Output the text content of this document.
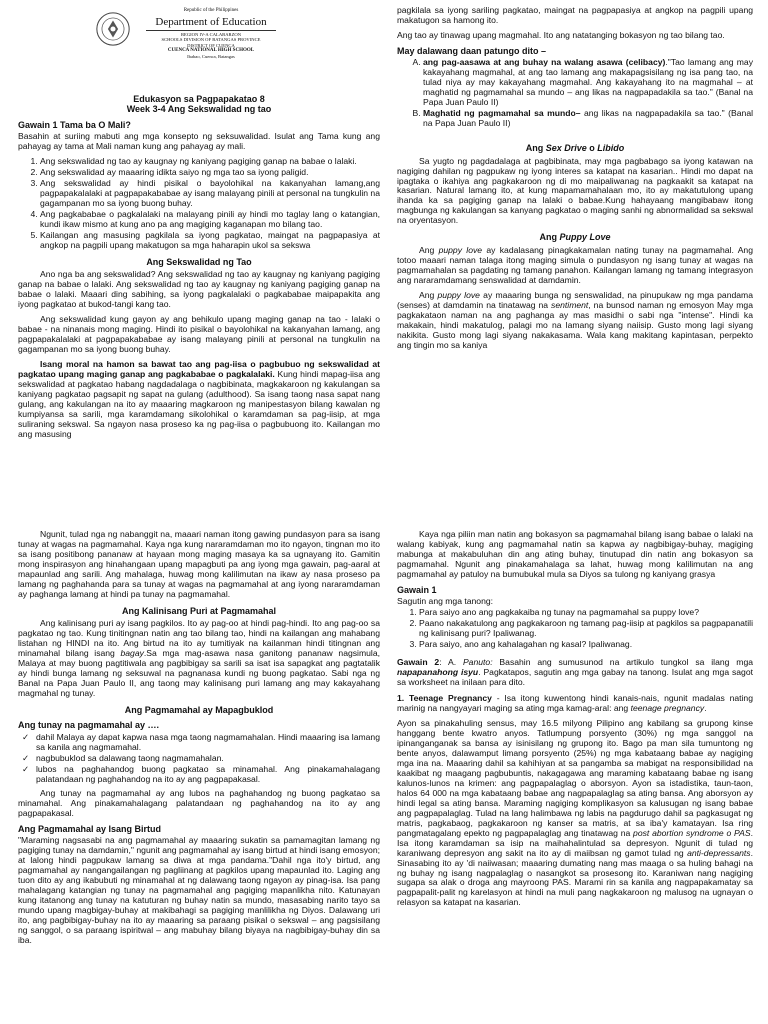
Republic of the Philippines
Department of Education
REGION IV-A CALABARZON
SCHOOLS DIVISION OF BATANGAS PROVINCE
DISTRICT OF CUENCA
CUENCA NATIONAL HIGH SCHOOL
Ibabao, Cuenca, Batangas
Edukasyon sa Pagpapakatao 8
Week 3-4 Ang Sekswalidad ng tao
Gawain 1 Tama ba O Mali?

Basahin at suriing mabuti ang mga konsepto ng seksuwalidad. Isulat ang Tama kung ang pahayag ay tama at Mali naman kung ang pahayag ay mali.

1. Ang sekswalidad ng tao ay kaugnay ng kaniyang pagiging ganap na babae o lalaki.
2. Ang sekswalidad ay maaaring idikta saiyo ng mga tao sa iyong paligid.
3. Ang sekswalidad ay hindi pisikal o bayolohikal na kakanyahan lamang,ang pagpapakalalaki at pagpapakababae ay isang malayang pinili at personal na tungkulin na gagampanan mo sa iyong buong buhay.
4. Ang pagkababae o pagkalalaki na malayang pinili ay hindi mo taglay lang o katangian, kundi ikaw mismo at kung ano pa ang magiging kaganapan mo bilang tao.
5. Kailangan ang masusing pagkilala sa iyong pagkatao, maingat na pagpapasiya at angkop na pagpili upang makatugon sa mga haharapin ukol sa sekswa
Ang Sekswalidad ng Tao

Ano nga ba ang sekswalidad? Ang sekswalidad ng tao ay kaugnay ng kaniyang pagiging ganap na babae o lalaki. Ang sekswalidad ng tao ay kaugnay ng kaniyang pagiging ganap na babae o lalaki. Maaari ding sabihing, sa iyong pagkalalaki o pagkababae maipapakita ang iyong pagkatao at bukod-tangi kang tao.

Ang sekswalidad kung gayon ay ang behikulo upang maging ganap na tao - lalaki o babae - na ninanais mong maging. Hindi ito pisikal o bayolohikal na kakanyahan lamang, ang pagpapakalalaki at pagpapakababae ay isang malayang pinili at personal na tungkulin na gagampanan mo sa iyong buong buhay.

Isang moral na hamon sa bawat tao ang pag-iisa o pagbubuo ng sekswalidad at pagkatao upang maging ganap ang pagkababae o pagkalalaki. Kung hindi mapag-iisa ang sekswalidad at pagkatao habang nagdadalaga o nagbibinata, magkakaroon ng kakulangan sa kaniyang pagkatao pagsapit ng sapat na gulang (adulthood). Sa isang taong nasa sapat nang gulang, ang kakulangan na ito ay maaaring magkaroon ng manipestasyon bilang kawalan ng kumpiyansa sa sarili, mga karamdamang sikolohikal o karamdaman sa pag-iisip, at mga suliraning sekswal. Sa ngayon nasa proseso ka ng pag-iisa o pagbubuong ito. Kailangan mo ang masusing

pagkilala sa iyong sariling pagkatao, maingat na pagpapasiya at angkop na pagpili upang makatugon sa hamong ito.

Ang tao ay tinawag upang magmahal. Ito ang natatanging bokasyon ng tao bilang tao.

May dalawang daan patungo dito –
A. ang pag-aasawa at ang buhay na walang asawa (celibacy)."Tao lamang ang may kakayahang magmahal, at ang tao lamang ang makapagsisilang ng isa pang tao, na tulad niya ay may kakayahang magmahal. Ang kakayahang ito na magmahal – at maghatid ng pagmamahal sa mundo – ang likas na nagpapadakila sa tao." (Banal na Papa Juan Paulo II)
B. Maghatid ng pagmamahal sa mundo– ang likas na nagpapadakila sa tao." (Banal na Papa Juan Paulo II)
Ang Sex Drive o Libido

Sa yugto ng pagdadalaga at pagbibinata, may mga pagbabago sa iyong katawan na nagiging dahilan ng pagpukaw ng iyong interes sa katapat na kasarian.. Hindi mo dapat na ipagtaka o ikahiya ang pagkakaroon ng di mo maipaliwanag na pagkaakit sa katapat na kasarian. Natural lamang ito, at kung mapamamahalaan mo, ito ay makatutulong upang ihanda ka sa pagiging ganap na lalaki o babae.Kung hahayaang mangibabaw itong magbunga ng kakulangan sa kanyang pagkatao o maging sanhi ng abnormalidad sa sekswal na oryentasyon.

Ang Puppy Love

Ang puppy love ay kadalasang pinagkakamalan nating tunay na pagmamahal. Ang totoo maaari naman talaga itong maging simula o pundasyon ng isang tunay at wagas na pagmamahalan sa pagdating ng tamang panahon. Kailangan lamang ng tamang integrasyon ang nararamdamang senswalidad at damdamin.

Ang puppy love ay maaaring bunga ng senswalidad, na pinupukaw ng mga pandama (senses) at damdamin na tinatawag na sentiment, na bunsod naman ng emosyon May mga pagkakataon naman na ang paghanga ay mas masidhi o sabi nga "intense". Hindi ka makakain, hindi makatulog, palagi mo na lamang siyang naiisip. Gusto mong lagi siyang nakikita. Gusto mong lagi siyang nakakasama. Wala kang makitang kapintasan, perpekto ang tingin mo sa kaniya

Ngunit, tulad nga ng nabanggit na, maaari naman itong gawing pundasyon para sa isang tunay at wagas na pagmamahal. Kaya nga kung nararamdaman mo ito ngayon, tingnan mo ito sa isang positibong pananaw at hayaan mong maging masaya ka sa ugnayang ito. Gamitin mong inspirasyon ang hinahangaan upang mapagbuti pa ang iyong mga gawain, pag-aaral at mapaunlad ang sarili. Ang mahalaga, huwag mong kalilimutan na ikaw ay nasa proseso pa lamang ng paghahanda para sa tunay at wagas na pagmamahal at ang iyong nararamdaman ay paghanga lamang at hindi pa tunay na pagmamahal.

Ang Kalinisang Puri at Pagmamahal

Ang kalinisang puri ay isang pagkilos. Ito ay pag-oo at hindi pag-hindi. Ito ang pag-oo sa pagkatao ng tao. Kung tinitingnan natin ang tao bilang tao, hindi na kailangan ang mahabang listahan ng HINDI na ito. Ang birtud na ito ay tumitiyak na kailanman hindi titingnan ang minamahal bilang isang bagay.Sa mga mag-asawa nasa ganitong pananaw nagsimula, Malaya at may buong pagtitiwala ang pagbibigay sa sarili sa isat isa sapagkat ang pagtatalik ay hindi bunga lamang ng seksuwal na pagnanasa kundi ng buong pagkatao. Sabi nga ng Banal na Papa Juan Paulo II, ang taong may kalinisang puri lamang ang may kakayahang magmahal ng tunay.

Ang Pagmamahal ay Mapagbuklod
Ang tunay na pagmamahal ay ….
✓ dahil Malaya ay dapat kapwa nasa mga taong nagmamahalan. Hindi maaaring isa lamang sa kanila ang nagmamahal.
✓ nagbubuklod sa dalawang taong nagmamahalan.
✓ lubos na paghahandog buong pagkatao sa minamahal. Ang pinakamahalagang palatandaan ng paghahandog na ito ay ang pagpapakasal.

Ang tunay na pagmamahal ay ang lubos na paghahandog ng buong pagkatao sa minamahal. Ang pinakamahalagang palatandaan ng paghahandog na ito ay ang pagpapakasal.

Ang Pagmamahal ay Isang Birtud

"Maraming nagsasabi na ang pagmamahal ay maaaring sukatin sa pamamagitan lamang ng pagiging tunay na damdamin," ngunit ang pagmamahal ay isang birtud at hindi isang emosyon; at lalong hindi pagpukaw lamang sa diwa at mga pandama."Dahil nga ito'y birtud, ang pagmamahal ay nangangailangan ng pagliinang at pagkilos upang mapaunlad ito. Laging ang tuon dito ay ang ikabubuti ng minamahal at ng dalawang taong ngayon ay pinag-isa. Isa pang mahalagang katangian ng tunay na pagmamahal ang pagiging mapanlikha nito. Katunayan kung itatanong ang tunay na katuturan ng buhay natin sa mundo, masasabing narito tayo sa mundo upang magbigay-buhay at makibahagi sa pagiging manlilikha ng Diyos. Dalawang uri ito, ang pagbibigay-buhay na ito ay maaaring sa paraang pisikal o sekswal – ang pagsisilang ng sanggol, o sa paraang ispiritwal – ang mabuhay bilang biyaya na nagbibigay-buhay din sa iba.

Kaya nga piliin man natin ang bokasyon sa pagmamahal bilang isang babae o lalaki na walang kabiyak, kung ang pagmamahal natin sa kapwa ay nagbibigay-buhay, magiging mabunga at makabuluhan din ang ating buhay, tinutupad din natin ang bokasyon sa pagmamahal. Ngunit ang pinakamahalaga sa lahat, huwag mong kalilimutan na ang pagmamahal ay patuloy na bumubukal mula sa Diyos sa tulong ng kaniyang grasya

Gawain 1

Sagutin ang mga tanong:

1. Para saiyo ano ang pagkakaiba ng tunay na pagmamahal sa puppy love?
2. Paano nakakatulong ang pagkakaroon ng tamang pag-iisip at pagkilos sa pagpapanatili ng kalinisang puri? Ipaliwanag.
3. Para saiyo, ano ang kahalagahan ng kasal? Ipaliwanag.

Gawain 2: A. Panuto: Basahin ang sumusunod na artikulo tungkol sa ilang mga napapanahong isyu. Pagkatapos, sagutin ang mga gabay na tanong. Isulat ang mga sagot sa worksheet na inilaan para dito.

1. Teenage Pregnancy - Isa itong kuwentong hindi kanais-nais, ngunit madalas nating marinig na nangyayari maging sa ating mga kamag-aral: ang teenage pregnancy.

Ayon sa pinakahuling sensus, may 16.5 milyong Pilipino ang kabilang sa grupong kinse hanggang bente kwatro anyos. Tatlumpung porsyento (30%) ng mga sanggol na ipinanganganak sa bansa ay isinisilang ng grupong ito. Bago pa man sila tumuntong ng bente anyos, dalawamput limang porsyento (25%) ng mga kabataang babae ay nagiging mga ina na. Maaaring dahil sa kahihiyan at sa pangamba sa mabigat na responsibilidad na kaakibat ng maagang pagbubuntis, nakagagawa ang maraming kabataang babae ng isang kalunos-lunos na krimen: ang pagpapalaglag o aborsyon. Ayon sa istadistika, taun-taon, halos 64 000 na mga kabataang babae ang nagpapalaglag sa ating bansa. Ang aborsyon ay hindi legal sa ating bansa. Maraming nagiging komplikasyon sa kalusugan ng isang babae ang pagpapalaglag. Tulad na lang halimbawa ng labis na pagdurugo dahil sa pagkasugat ng matris, pagkabaog, pagkakaroon ng kanser sa matris, at sa iba'y kamatayan. Isa ring pangmatagalang epekto ng pagpapalaglag ang tinatawag na post abortion syndrome o PAS. Isa itong karamdaman sa isip na maihahalintulad sa depresyon. Ngunit di tulad ng karaniwang depresyon ang sakit na ito ay di maiibsan ng gamot tulad ng anti-depressants. Sinasabing ito ay 'di naiiwasan; maaaring dumating nang mas maaga o sa huling bahagi na ng buhay ng isang nagpalaglag o nasangkot sa prosesong ito. Karaniwan nang nagiging sugapa sa alak o droga ang mayroong PAS. Marami rin sa kanila ang nagpapakamatay sa pagpapalit-palit ng karelasyon at hindi na muli pang nagkakaroon ng malusog na ugnayan o relasyon sa katapat na kasarian.
